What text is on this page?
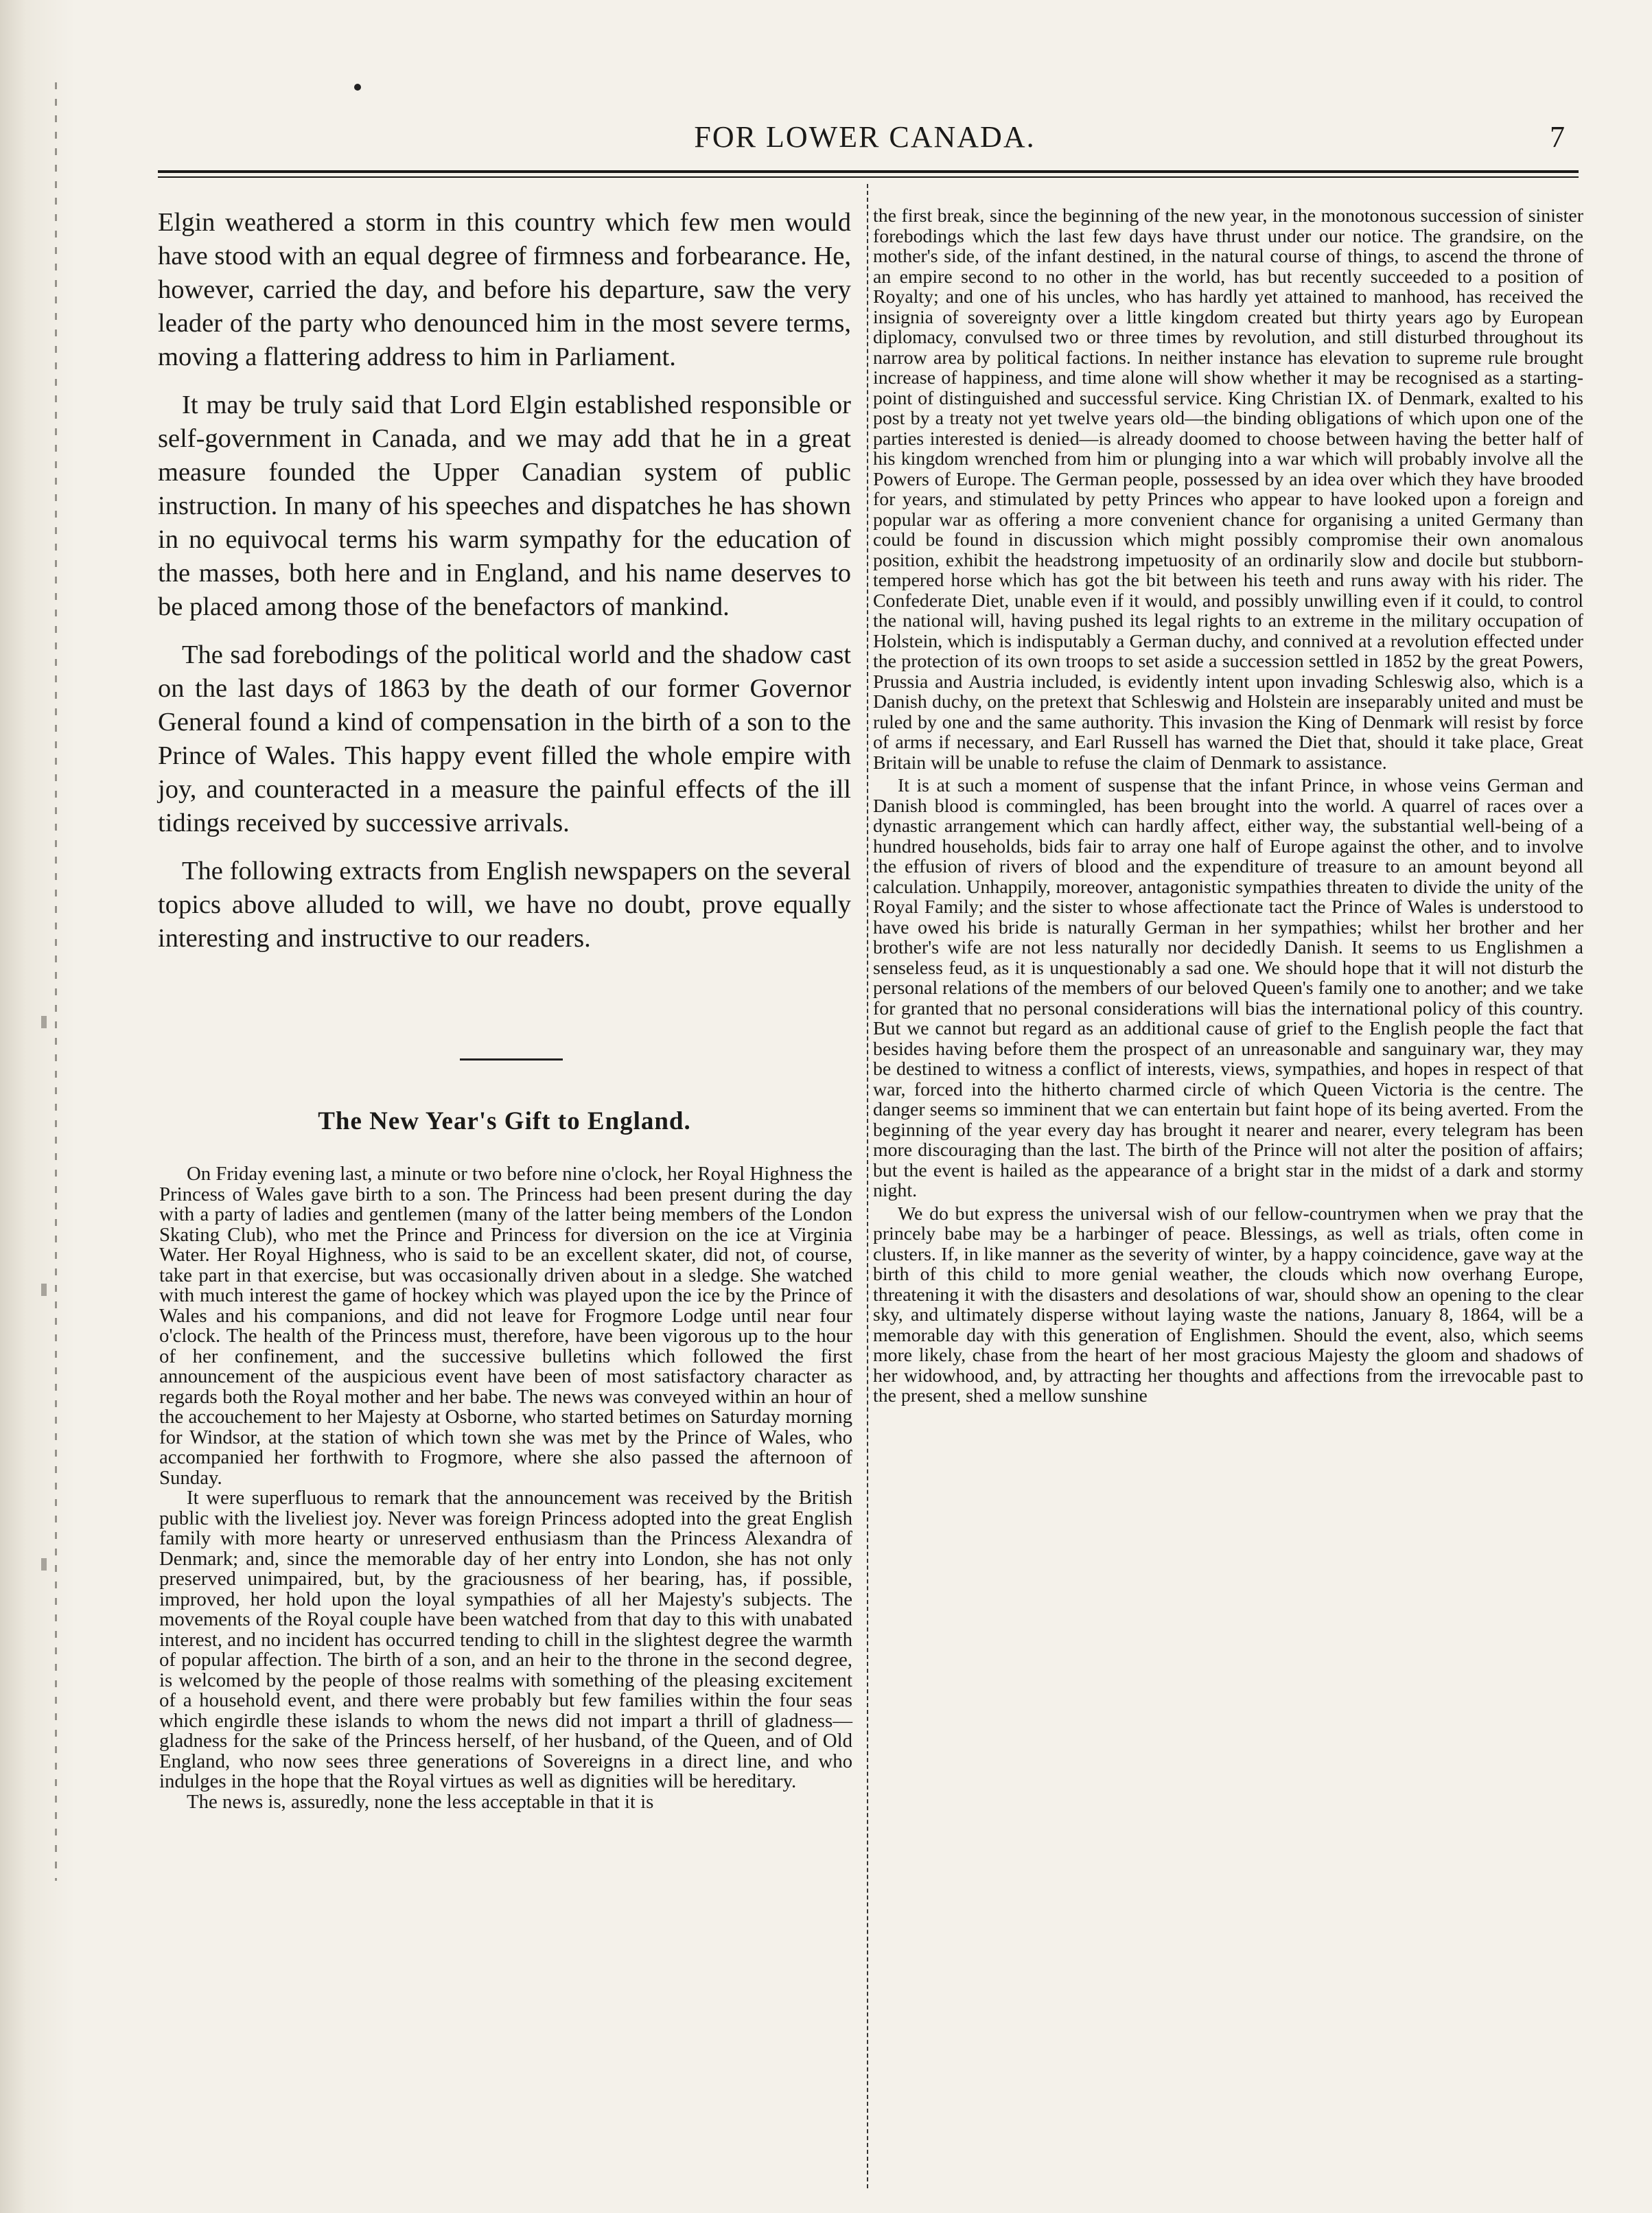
FOR LOWER CANADA.	7

Elgin weathered a storm in this country which few men would have stood with an equal degree of firmness and forbearance. He, however, carried the day, and before his departure, saw the very leader of the party who denounced him in the most severe terms, moving a flattering address to him in Parliament.

It may be truly said that Lord Elgin established responsible or self-government in Canada, and we may add that he in a great measure founded the Upper Canadian system of public instruction. In many of his speeches and dispatches he has shown in no equivocal terms his warm sympathy for the education of the masses, both here and in England, and his name deserves to be placed among those of the benefactors of mankind.

The sad forebodings of the political world and the shadow cast on the last days of 1863 by the death of our former Governor General found a kind of compensation in the birth of a son to the Prince of Wales. This happy event filled the whole empire with joy, and counteracted in a measure the painful effects of the ill tidings received by successive arrivals.

The following extracts from English newspapers on the several topics above alluded to will, we have no doubt, prove equally interesting and instructive to our readers.

The New Year's Gift to England.

On Friday evening last, a minute or two before nine o'clock, her Royal Highness the Princess of Wales gave birth to a son. The Princess had been present during the day with a party of ladies and gentlemen (many of the latter being members of the London Skating Club), who met the Prince and Princess for diversion on the ice at Virginia Water. Her Royal Highness, who is said to be an excellent skater, did not, of course, take part in that exercise, but was occasionally driven about in a sledge. She watched with much interest the game of hockey which was played upon the ice by the Prince of Wales and his companions, and did not leave for Frogmore Lodge until near four o'clock. The health of the Princess must, therefore, have been vigorous up to the hour of her confinement, and the successive bulletins which followed the first announcement of the auspicious event have been of most satisfactory character as regards both the Royal mother and her babe. The news was conveyed within an hour of the accouchement to her Majesty at Osborne, who started betimes on Saturday morning for Windsor, at the station of which town she was met by the Prince of Wales, who accompanied her forthwith to Frogmore, where she also passed the afternoon of Sunday.

It were superfluous to remark that the announcement was received by the British public with the liveliest joy. Never was foreign Princess adopted into the great English family with more hearty or unreserved enthusiasm than the Princess Alexandra of Denmark; and, since the memorable day of her entry into London, she has not only preserved unimpaired, but, by the graciousness of her bearing, has, if possible, improved, her hold upon the loyal sympathies of all her Majesty's subjects. The movements of the Royal couple have been watched from that day to this with unabated interest, and no incident has occurred tending to chill in the slightest degree the warmth of popular affection. The birth of a son, and an heir to the throne in the second degree, is welcomed by the people of those realms with something of the pleasing excitement of a household event, and there were probably but few families within the four seas which engirdle these islands to whom the news did not impart a thrill of gladness—gladness for the sake of the Princess herself, of her husband, of the Queen, and of Old England, who now sees three generations of Sovereigns in a direct line, and who indulges in the hope that the Royal virtues as well as dignities will be hereditary.

The news is, assuredly, none the less acceptable in that it is

the first break, since the beginning of the new year, in the monotonous succession of sinister forebodings which the last few days have thrust under our notice. The grandsire, on the mother's side, of the infant destined, in the natural course of things, to ascend the throne of an empire second to no other in the world, has but recently succeeded to a position of Royalty; and one of his uncles, who has hardly yet attained to manhood, has received the insignia of sovereignty over a little kingdom created but thirty years ago by European diplomacy, convulsed two or three times by revolution, and still disturbed throughout its narrow area by political factions. In neither instance has elevation to supreme rule brought increase of happiness, and time alone will show whether it may be recognised as a starting-point of distinguished and successful service. King Christian IX. of Denmark, exalted to his post by a treaty not yet twelve years old—the binding obligations of which upon one of the parties interested is denied—is already doomed to choose between having the better half of his kingdom wrenched from him or plunging into a war which will probably involve all the Powers of Europe. The German people, possessed by an idea over which they have brooded for years, and stimulated by petty Princes who appear to have looked upon a foreign and popular war as offering a more convenient chance for organising a united Germany than could be found in discussion which might possibly compromise their own anomalous position, exhibit the headstrong impetuosity of an ordinarily slow and docile but stubborn-tempered horse which has got the bit between his teeth and runs away with his rider. The Confederate Diet, unable even if it would, and possibly unwilling even if it could, to control the national will, having pushed its legal rights to an extreme in the military occupation of Holstein, which is indisputably a German duchy, and connived at a revolution effected under the protection of its own troops to set aside a succession settled in 1852 by the great Powers, Prussia and Austria included, is evidently intent upon invading Schleswig also, which is a Danish duchy, on the pretext that Schleswig and Holstein are inseparably united and must be ruled by one and the same authority. This invasion the King of Denmark will resist by force of arms if necessary, and Earl Russell has warned the Diet that, should it take place, Great Britain will be unable to refuse the claim of Denmark to assistance.

It is at such a moment of suspense that the infant Prince, in whose veins German and Danish blood is commingled, has been brought into the world. A quarrel of races over a dynastic arrangement which can hardly affect, either way, the substantial well-being of a hundred households, bids fair to array one half of Europe against the other, and to involve the effusion of rivers of blood and the expenditure of treasure to an amount beyond all calculation. Unhappily, moreover, antagonistic sympathies threaten to divide the unity of the Royal Family; and the sister to whose affectionate tact the Prince of Wales is understood to have owed his bride is naturally German in her sympathies; whilst her brother and her brother's wife are not less naturally nor decidedly Danish. It seems to us Englishmen a senseless feud, as it is unquestionably a sad one. We should hope that it will not disturb the personal relations of the members of our beloved Queen's family one to another; and we take for granted that no personal considerations will bias the international policy of this country. But we cannot but regard as an additional cause of grief to the English people the fact that besides having before them the prospect of an unreasonable and sanguinary war, they may be destined to witness a conflict of interests, views, sympathies, and hopes in respect of that war, forced into the hitherto charmed circle of which Queen Victoria is the centre. The danger seems so imminent that we can entertain but faint hope of its being averted. From the beginning of the year every day has brought it nearer and nearer, every telegram has been more discouraging than the last. The birth of the Prince will not alter the position of affairs; but the event is hailed as the appearance of a bright star in the midst of a dark and stormy night.

We do but express the universal wish of our fellow-countrymen when we pray that the princely babe may be a harbinger of peace. Blessings, as well as trials, often come in clusters. If, in like manner as the severity of winter, by a happy coincidence, gave way at the birth of this child to more genial weather, the clouds which now overhang Europe, threatening it with the disasters and desolations of war, should show an opening to the clear sky, and ultimately disperse without laying waste the nations, January 8, 1864, will be a memorable day with this generation of Englishmen. Should the event, also, which seems more likely, chase from the heart of her most gracious Majesty the gloom and shadows of her widowhood, and, by attracting her thoughts and affections from the irrevocable past to the present, shed a mellow sunshine
